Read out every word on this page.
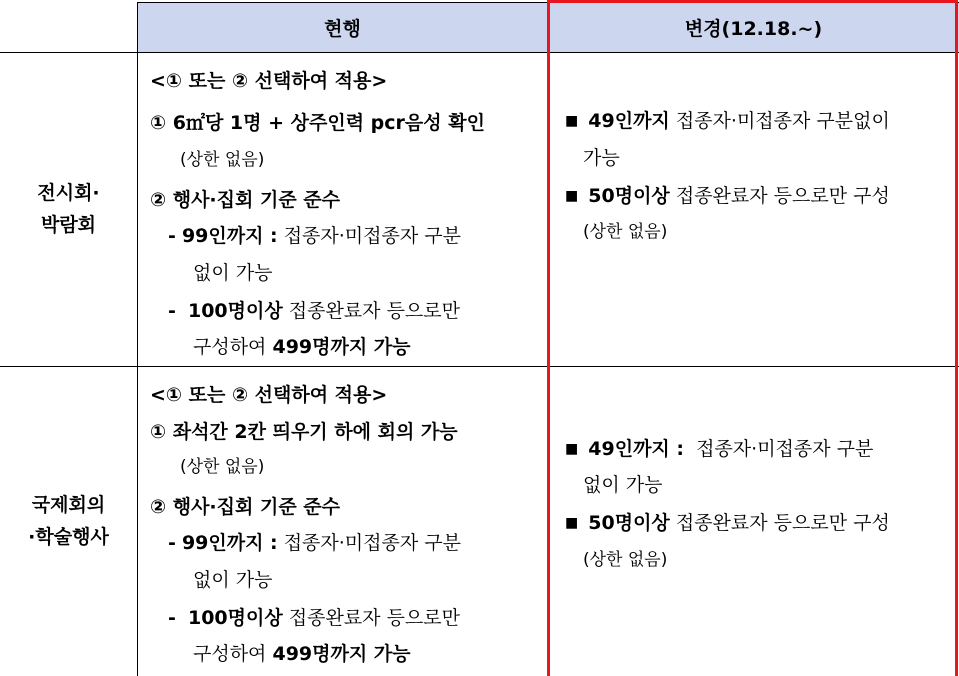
현행	변경(12.18.~)
전시회·
박람회
국제회의
·학술행사
<① 또는 ② 선택하여 적용>
① 6㎡당 1명 + 상주인력 pcr음성 확인
(상한 없음)
② 행사·집회 기준 준수
- 99인까지 : 접종자·미접종자 구분
없이 가능
- 100명이상 접종완료자 등으로만
구성하여 499명까지 가능
■ 49인까지 접종자·미접종자 구분없이
가능
■ 50명이상 접종완료자 등으로만 구성
(상한 없음)
<① 또는 ② 선택하여 적용>
① 좌석간 2칸 띄우기 하에 회의 가능
(상한 없음)
② 행사·집회 기준 준수
- 99인까지 : 접종자·미접종자 구분
없이 가능
- 100명이상 접종완료자 등으로만
구성하여 499명까지 가능
■ 49인까지 : 접종자·미접종자 구분
없이 가능
■ 50명이상 접종완료자 등으로만 구성
(상한 없음)
